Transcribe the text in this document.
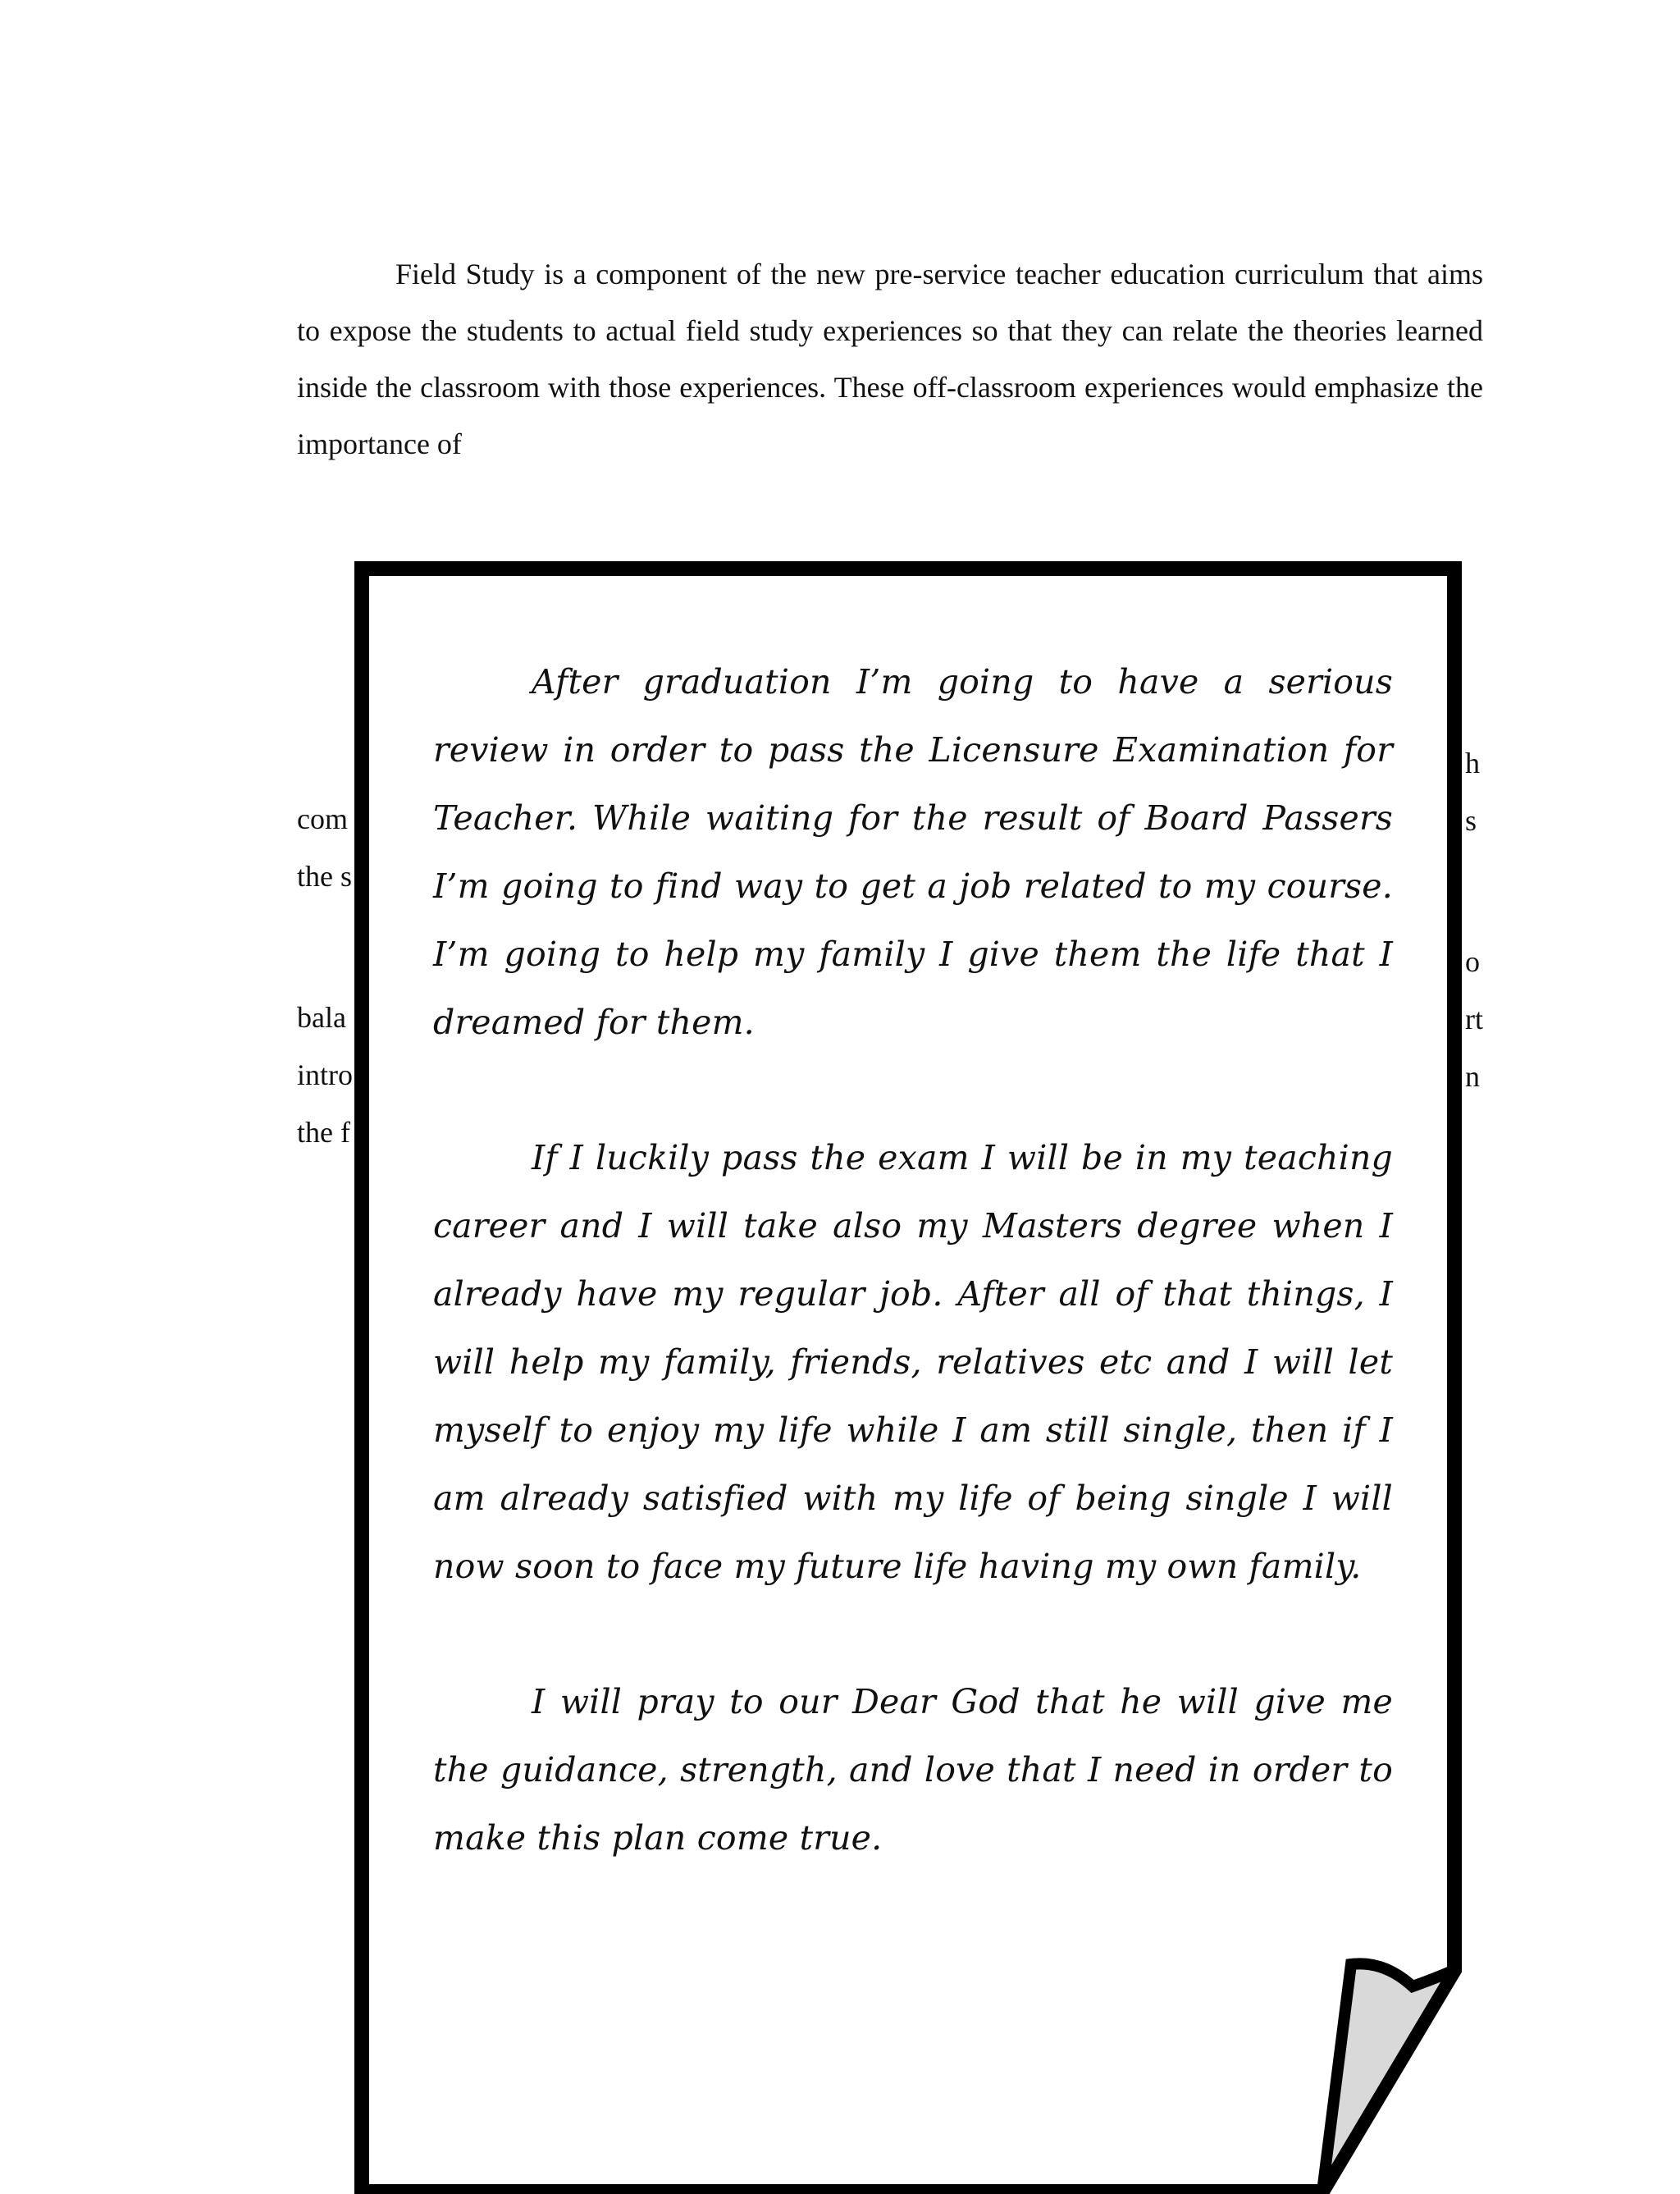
Field Study is a component of the new pre-service teacher education curriculum that aims to expose the students to actual field study experiences so that they can relate the theories learned inside the classroom with those experiences. These off-classroom experiences would emphasize the importance of

com
the s
bala
intro
the f
h
s
o
rt
n

After graduation I’m going to have a serious review in order to pass the Licensure Examination for Teacher. While waiting for the result of Board Passers I’m going to find way to get a job related to my course. I’m going to help my family I give them the life that I dreamed for them.

If I luckily pass the exam I will be in my teaching career and I will take also my Masters degree when I already have my regular job. After all of that things, I will help my family, friends, relatives etc and I will let myself to enjoy my life while I am still single, then if I am already satisfied with my life of being single I will now soon to face my future life having my own family.

I will pray to our Dear God that he will give me the guidance, strength, and love that I need in order to make this plan come true.
